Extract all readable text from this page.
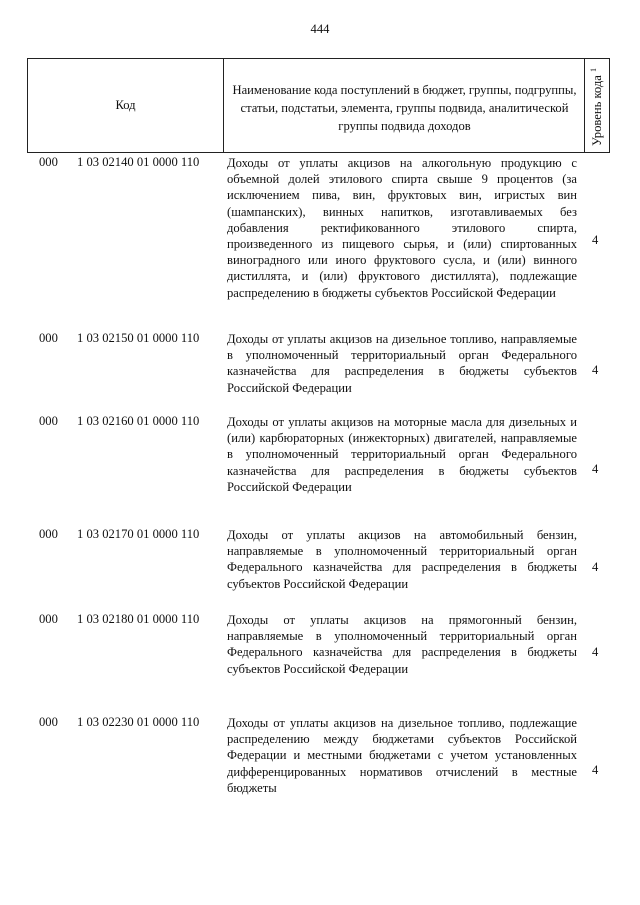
444
Код
Наименование кода поступлений в бюджет, группы, подгруппы, статьи, подстатьи, элемента, группы подвида, аналитической группы подвида доходов	Уровень кода $^1$
000 1 03 02140 01 0000 110 Доходы от уплаты акцизов на алкогольную продукцию с объемной долей этилового спирта свыше 9 процентов (за исключением пива, вин, фруктовых вин, игристых вин (шампанских), винных напитков, изготавливаемых без добавления ректификованного этилового спирта, произведенного из пищевого сырья, и (или) спиртованных виноградного или иного фруктового сусла, и (или) винного дистиллята, и (или) фруктового дистиллята), подлежащие распределению в бюджеты субъектов Российской Федерации
4
000 1 03 02150 01 0000 110 Доходы от уплаты акцизов на дизельное топливо, направляемые в уполномоченный территориальный орган Федерального казначейства для распределения в бюджеты субъектов Российской Федерации
4
000 1 03 02160 01 0000 110 Доходы от уплаты акцизов на моторные масла для дизельных и (или) карбюраторных (инжекторных) двигателей, направляемые в уполномоченный территориальный орган Федерального казначейства для распределения в бюджеты субъектов Российской Федерации
4
000 1 03 02170 01 0000 110 Доходы от уплаты акцизов на автомобильный бензин, направляемые в уполномоченный территориальный орган Федерального казначейства для распределения в бюджеты субъектов Российской Федерации
4
000 1 03 02180 01 0000 110 Доходы от уплаты акцизов на прямогонный бензин, направляемые в уполномоченный территориальный орган Федерального казначейства для распределения в бюджеты субъектов Российской Федерации
4
000 1 03 02230 01 0000 110 Доходы от уплаты акцизов на дизельное топливо, подлежащие распределению между бюджетами субъектов Российской Федерации и местными бюджетами с учетом установленных дифференцированных нормативов отчислений в местные бюджеты
4
